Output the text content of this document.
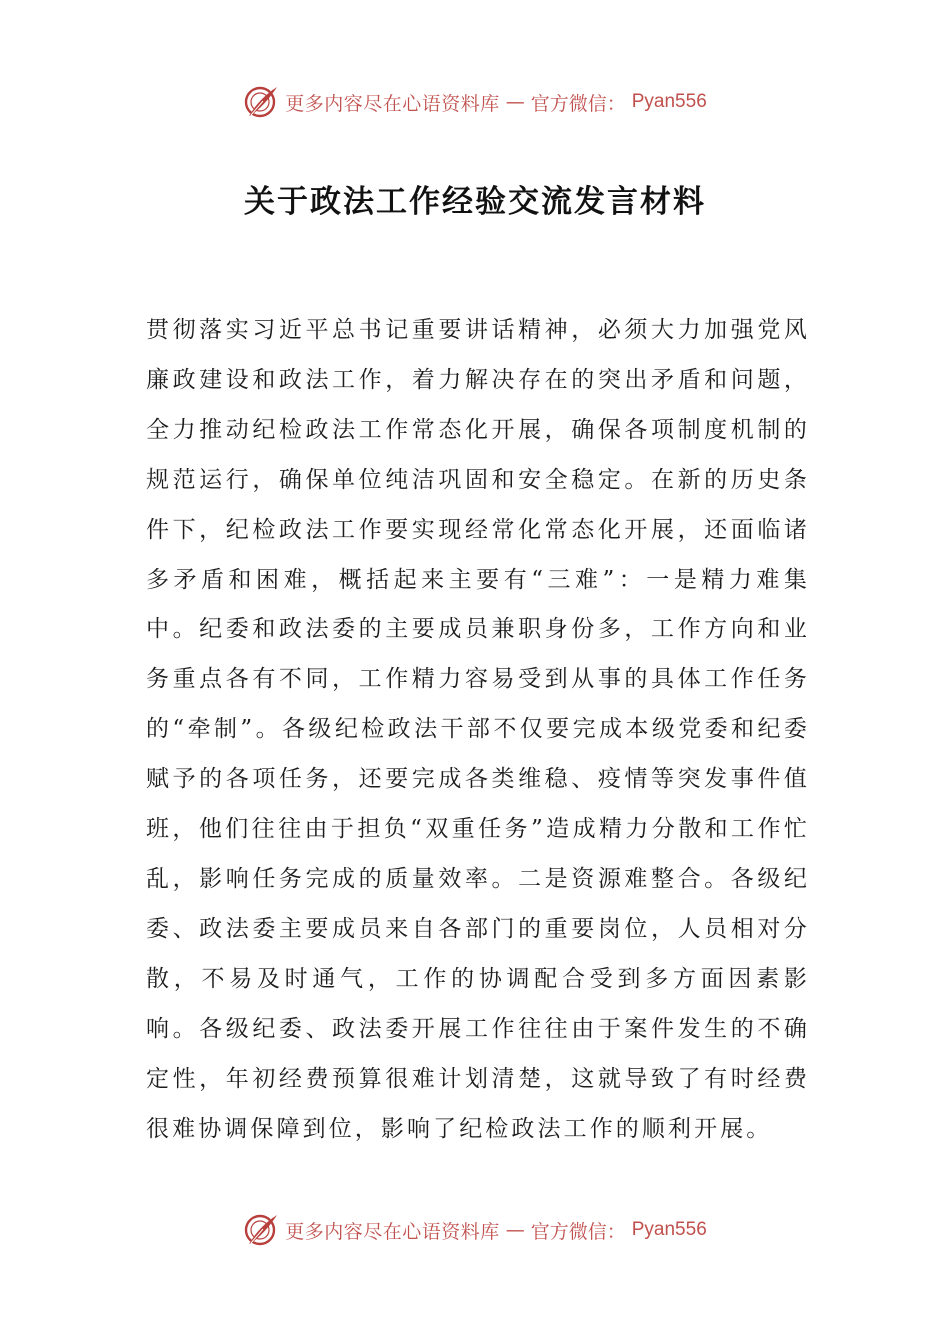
更多内容尽在心语资料库 — 官方微信： Pyan556
关于政法工作经验交流发言材料

贯彻落实习近平总书记重要讲话精神，必须大力加强党风廉政建设和政法工作，着力解决存在的突出矛盾和问题，全力推动纪检政法工作常态化开展，确保各项制度机制的规范运行，确保单位纯洁巩固和安全稳定。在新的历史条件下，纪检政法工作要实现经常化常态化开展，还面临诸多矛盾和困难，概括起来主要有“三难”：一是精力难集中。纪委和政法委的主要成员兼职身份多，工作方向和业务重点各有不同，工作精力容易受到从事的具体工作任务的“牵制”。各级纪检政法干部不仅要完成本级党委和纪委赋予的各项任务，还要完成各类维稳、疫情等突发事件值班，他们往往由于担负“双重任务”造成精力分散和工作忙乱，影响任务完成的质量效率。二是资源难整合。各级纪委、政法委主要成员来自各部门的重要岗位，人员相对分散，不易及时通气，工作的协调配合受到多方面因素影响。各级纪委、政法委开展工作往往由于案件发生的不确定性，年初经费预算很难计划清楚，这就导致了有时经费很难协调保障到位，影响了纪检政法工作的顺利开展。

更多内容尽在心语资料库 — 官方微信： Pyan556
